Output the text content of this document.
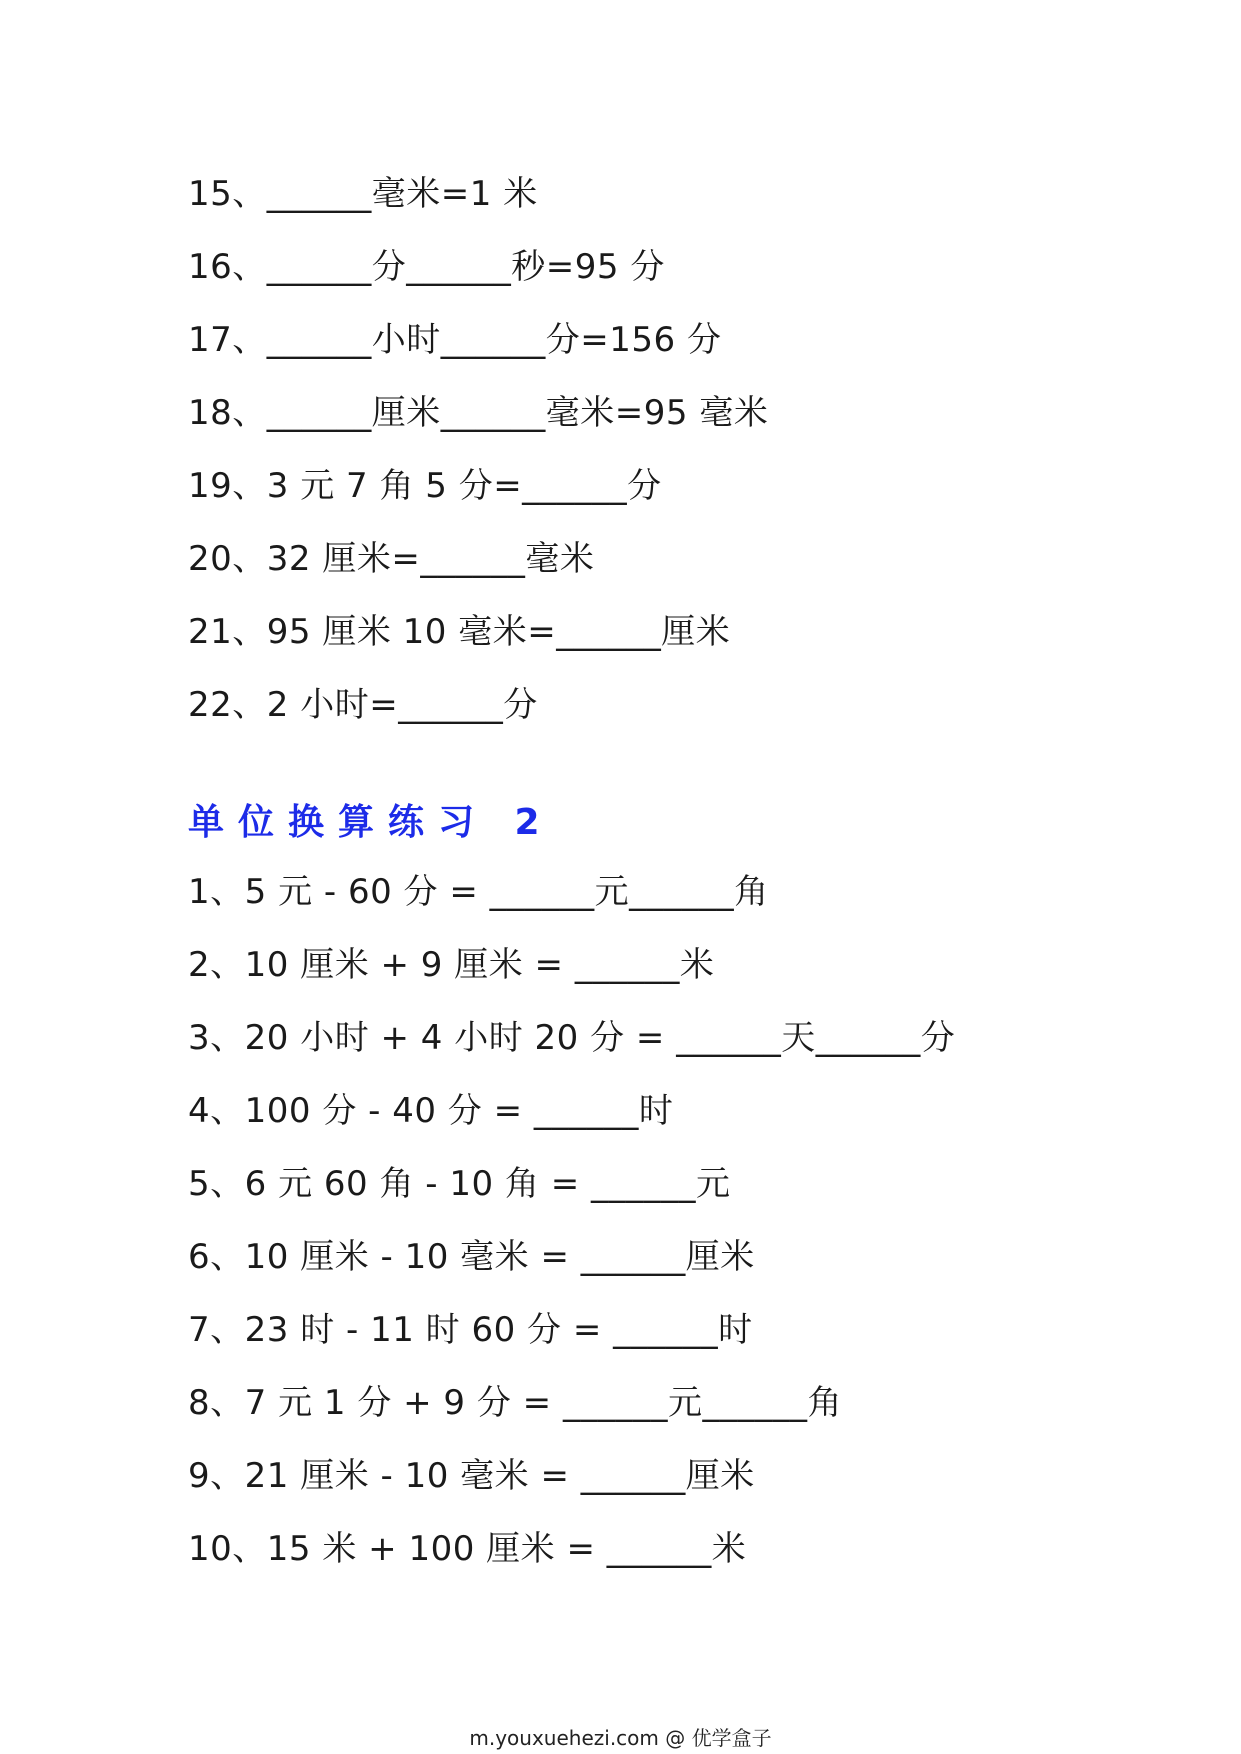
15、______毫米=1 米
16、______分______秒=95 分
17、______小时______分=156 分
18、______厘米______毫米=95 毫米
19、3 元 7 角 5 分=______分
20、32 厘米=______毫米
21、95 厘米 10 毫米=______厘米
22、2 小时=______分
单位换算练习 2
1、5 元 - 60 分 = ______元______角
2、10 厘米 + 9 厘米 = ______米
3、20 小时 + 4 小时 20 分 = ______天______分
4、100 分 - 40 分 = ______时
5、6 元 60 角 - 10 角 = ______元
6、10 厘米 - 10 毫米 = ______厘米
7、23 时 - 11 时 60 分 = ______时
8、7 元 1 分 + 9 分 = ______元______角
9、21 厘米 - 10 毫米 = ______厘米
10、15 米 + 100 厘米 = ______米
m.youxuehezi.com @ 优学盒子
